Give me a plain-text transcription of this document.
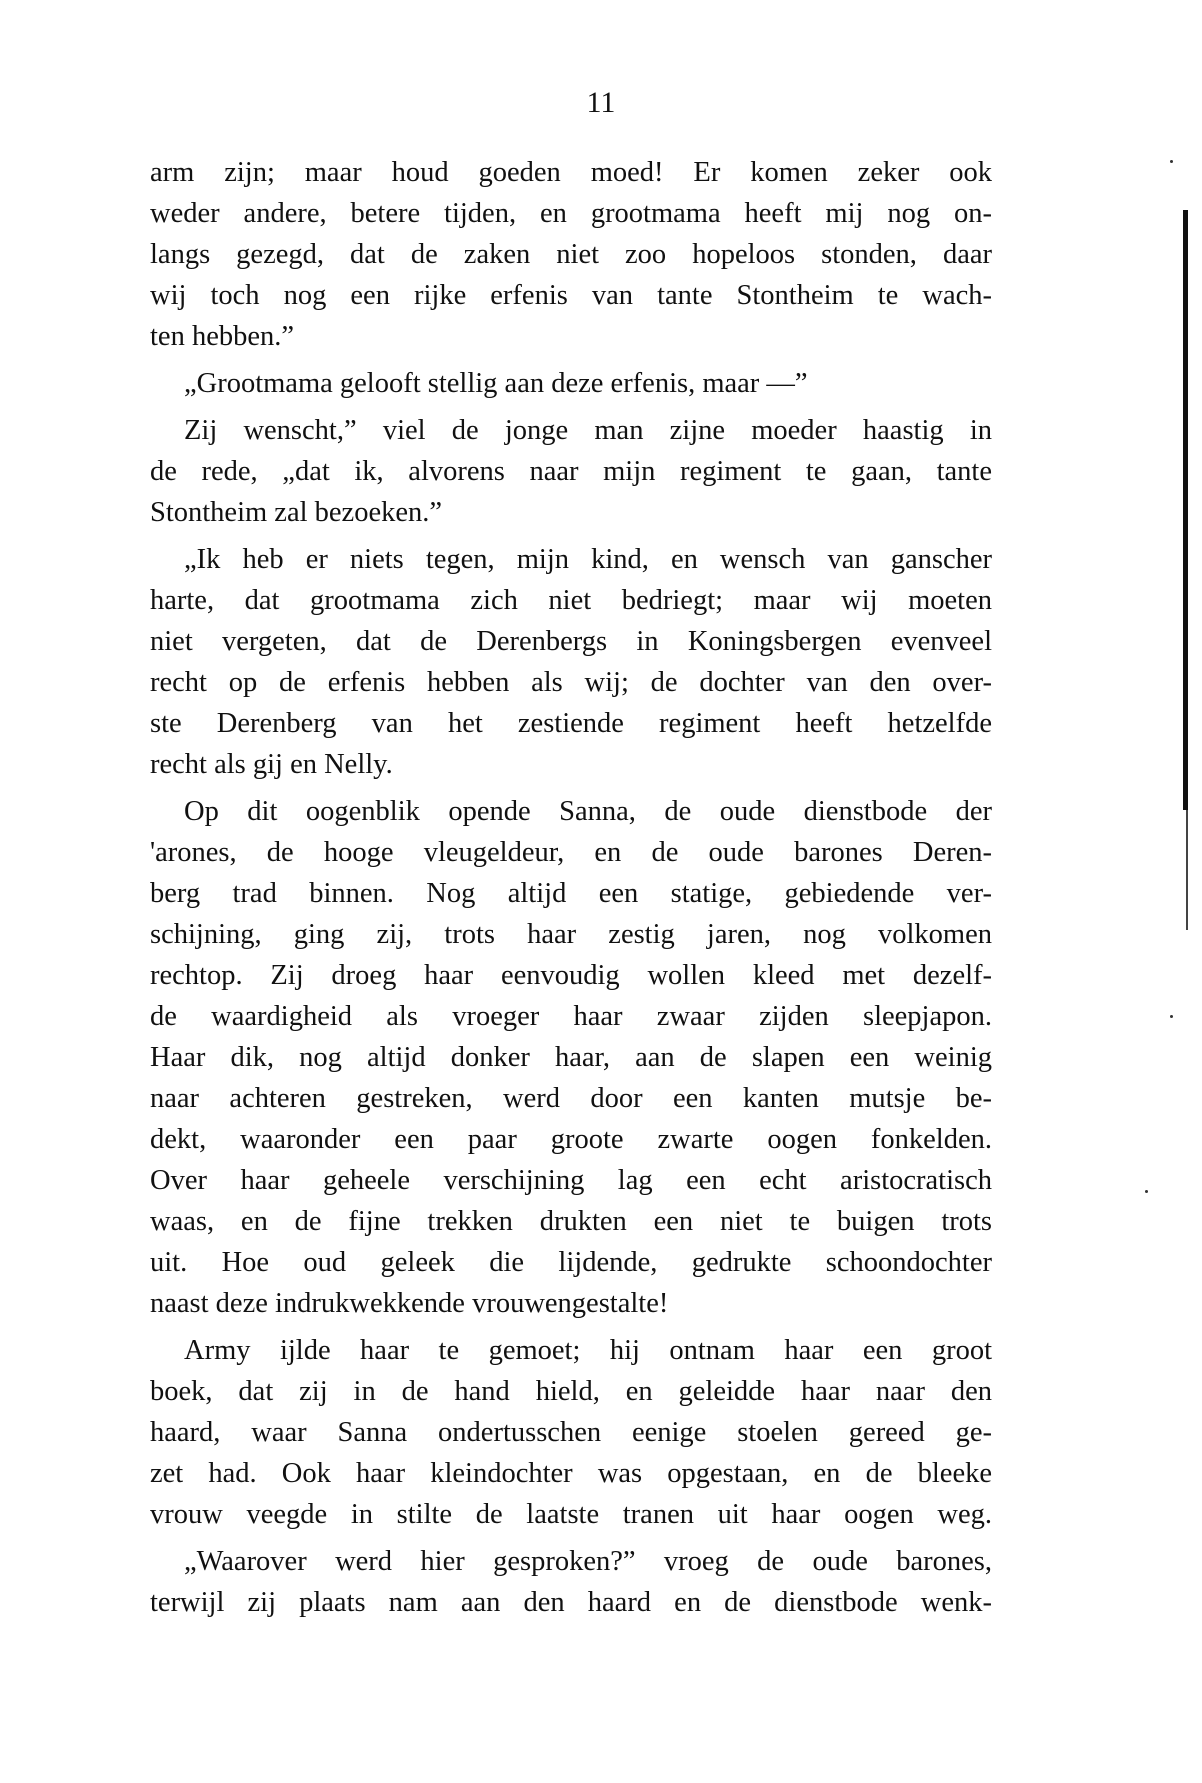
11
arm zijn; maar houd goeden moed! Er komen zeker ook
weder andere, betere tijden, en grootmama heeft mij nog on-
langs gezegd, dat de zaken niet zoo hopeloos stonden, daar
wij toch nog een rijke erfenis van tante Stontheim te wach-
ten hebben.”
„Grootmama gelooft stellig aan deze erfenis, maar —”
Zij wenscht,” viel de jonge man zijne moeder haastig in
de rede, „dat ik, alvorens naar mijn regiment te gaan, tante
Stontheim zal bezoeken.”
„Ik heb er niets tegen, mijn kind, en wensch van ganscher
harte, dat grootmama zich niet bedriegt; maar wij moeten
niet vergeten, dat de Derenbergs in Koningsbergen evenveel
recht op de erfenis hebben als wij; de dochter van den over-
ste Derenberg van het zestiende regiment heeft hetzelfde
recht als gij en Nelly.
Op dit oogenblik opende Sanna, de oude dienstbode der
'arones, de hooge vleugeldeur, en de oude barones Deren-
berg trad binnen. Nog altijd een statige, gebiedende ver-
schijning, ging zij, trots haar zestig jaren, nog volkomen
rechtop. Zij droeg haar eenvoudig wollen kleed met dezelf-
de waardigheid als vroeger haar zwaar zijden sleepjapon.
Haar dik, nog altijd donker haar, aan de slapen een weinig
naar achteren gestreken, werd door een kanten mutsje be-
dekt, waaronder een paar groote zwarte oogen fonkelden.
Over haar geheele verschijning lag een echt aristocratisch
waas, en de fijne trekken drukten een niet te buigen trots
uit. Hoe oud geleek die lijdende, gedrukte schoondochter
naast deze indrukwekkende vrouwengestalte!
Army ijlde haar te gemoet; hij ontnam haar een groot
boek, dat zij in de hand hield, en geleidde haar naar den
haard, waar Sanna ondertusschen eenige stoelen gereed ge-
zet had. Ook haar kleindochter was opgestaan, en de bleeke
vrouw veegde in stilte de laatste tranen uit haar oogen weg.
„Waarover werd hier gesproken?” vroeg de oude barones,
terwijl zij plaats nam aan den haard en de dienstbode wenk-
